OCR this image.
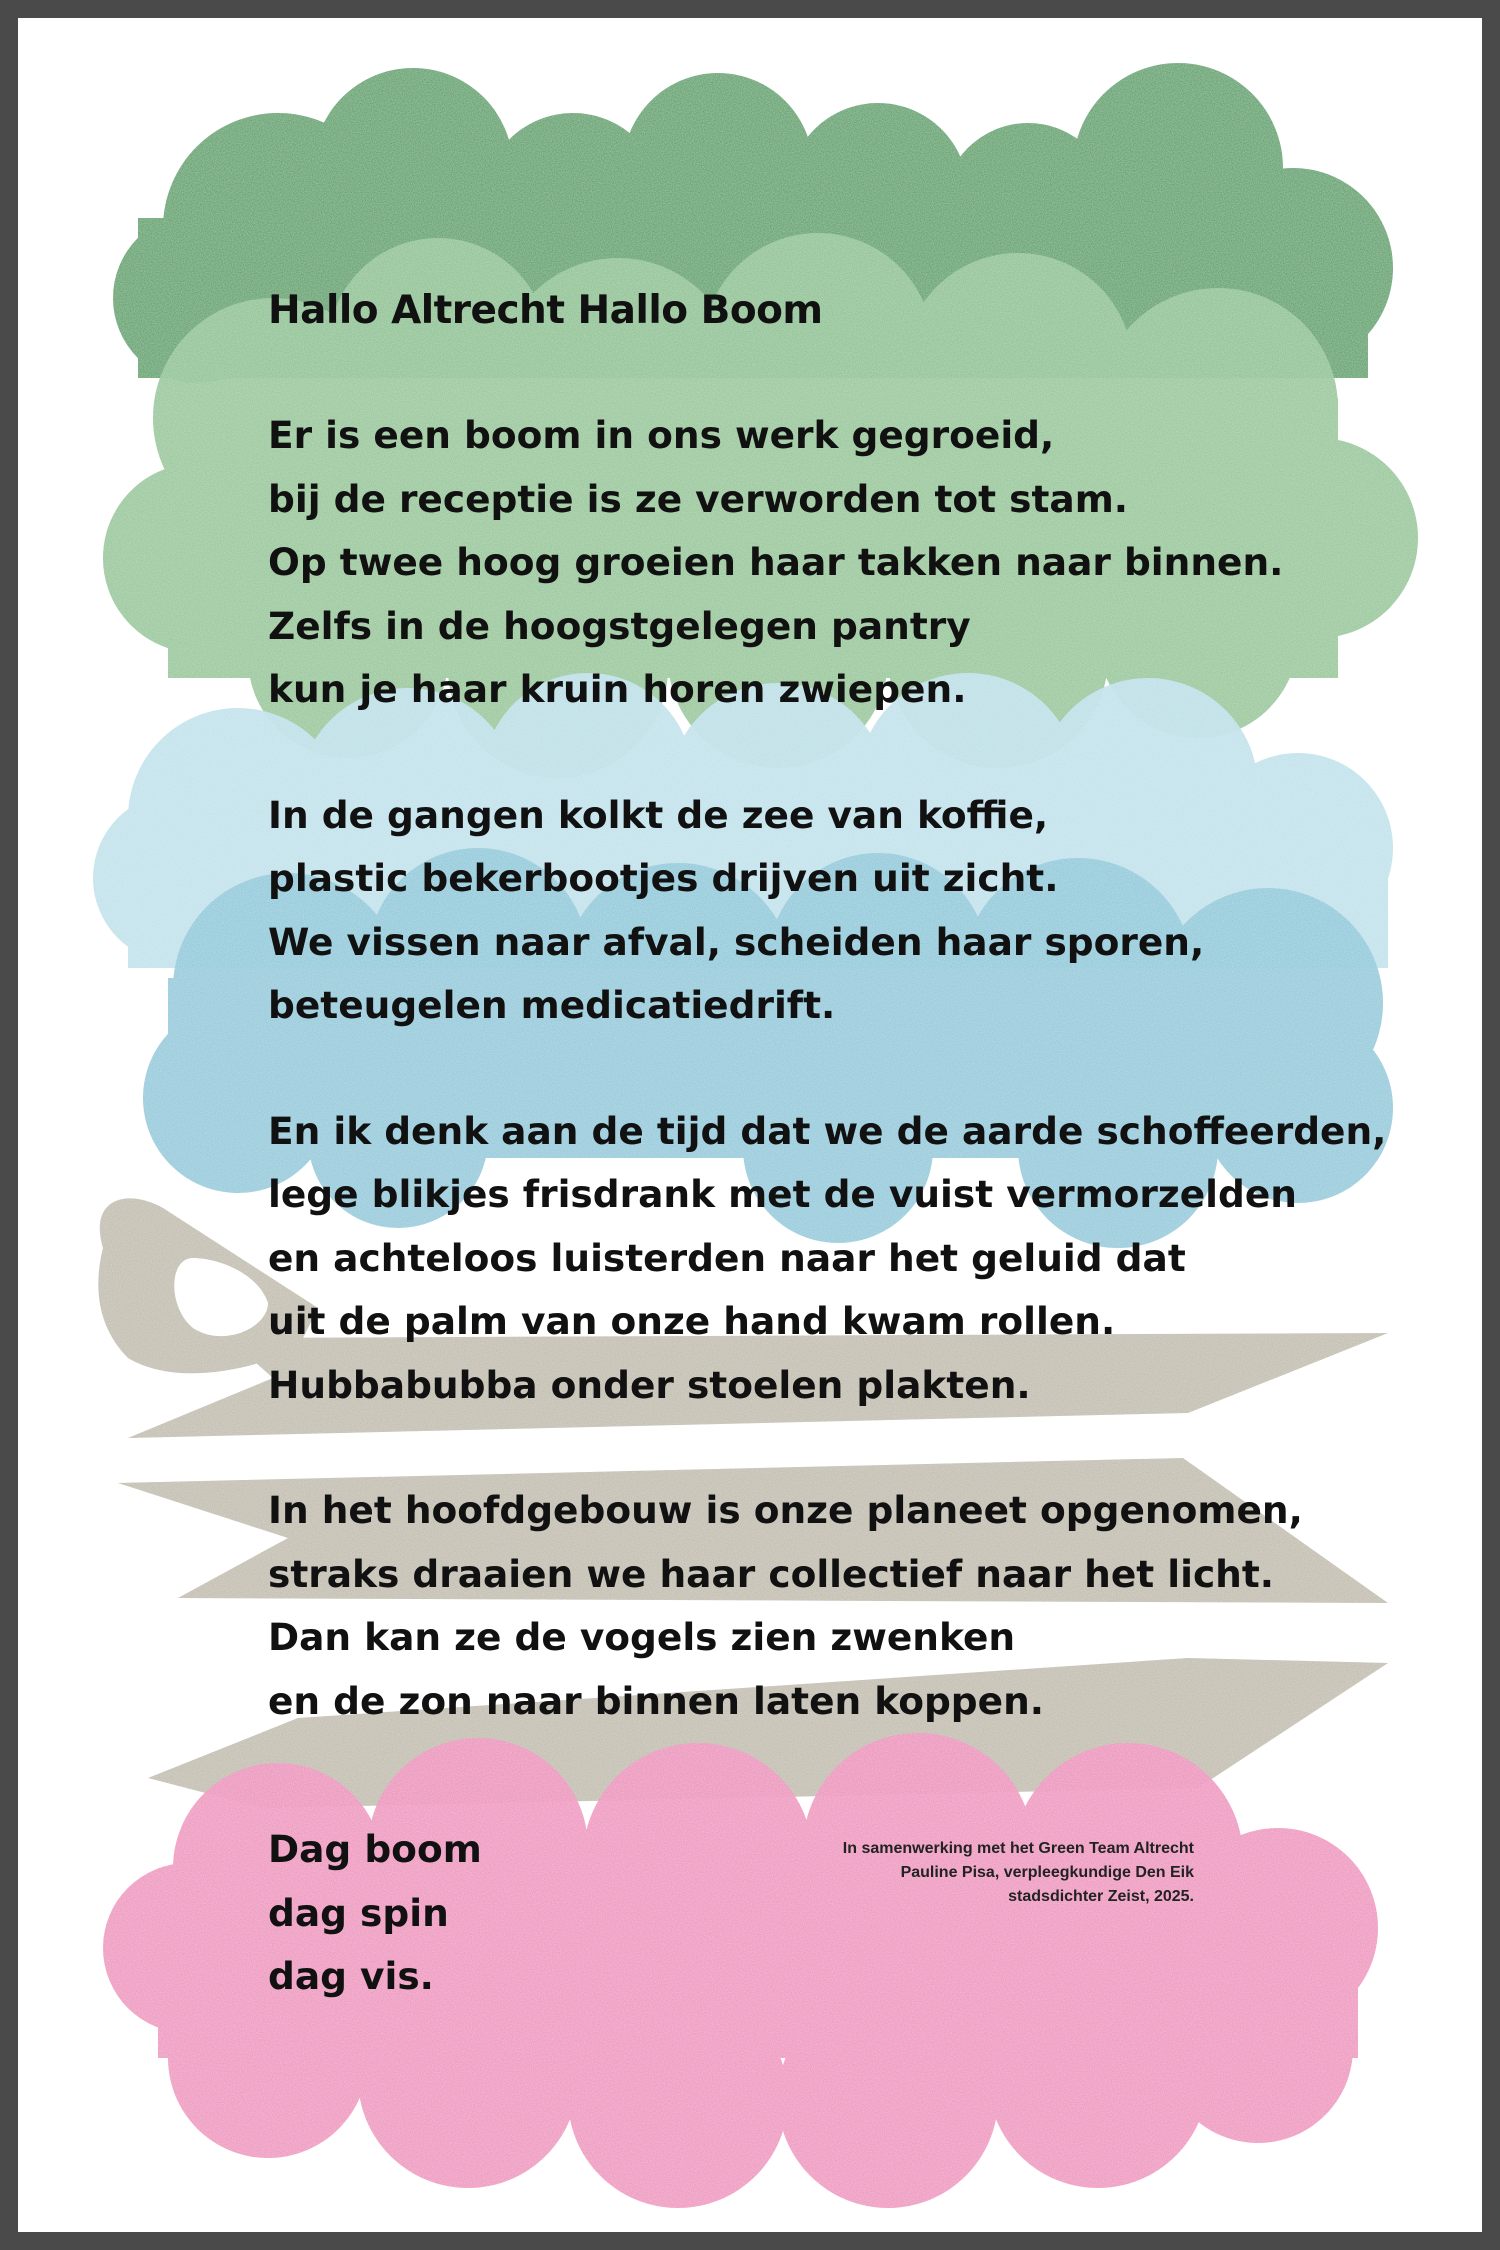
Hallo Altrecht Hallo Boom
Er is een boom in ons werk gegroeid,
bij de receptie is ze verworden tot stam.
Op twee hoog groeien haar takken naar binnen.
Zelfs in de hoogstgelegen pantry
kun je haar kruin horen zwiepen.
In de gangen kolkt de zee van koffie,
plastic bekerbootjes drijven uit zicht.
We vissen naar afval, scheiden haar sporen,
beteugelen medicatiedrift.
En ik denk aan de tijd dat we de aarde schoffeerden,
lege blikjes frisdrank met de vuist vermorzelden
en achteloos luisterden naar het geluid dat
uit de palm van onze hand kwam rollen.
Hubbabubba onder stoelen plakten.
In het hoofdgebouw is onze planeet opgenomen,
straks draaien we haar collectief naar het licht.
Dan kan ze de vogels zien zwenken
en de zon naar binnen laten koppen.
Dag boom
dag spin
dag vis.
In samenwerking met het Green Team Altrecht
Pauline Pisa, verpleegkundige Den Eik
stadsdichter Zeist, 2025.
